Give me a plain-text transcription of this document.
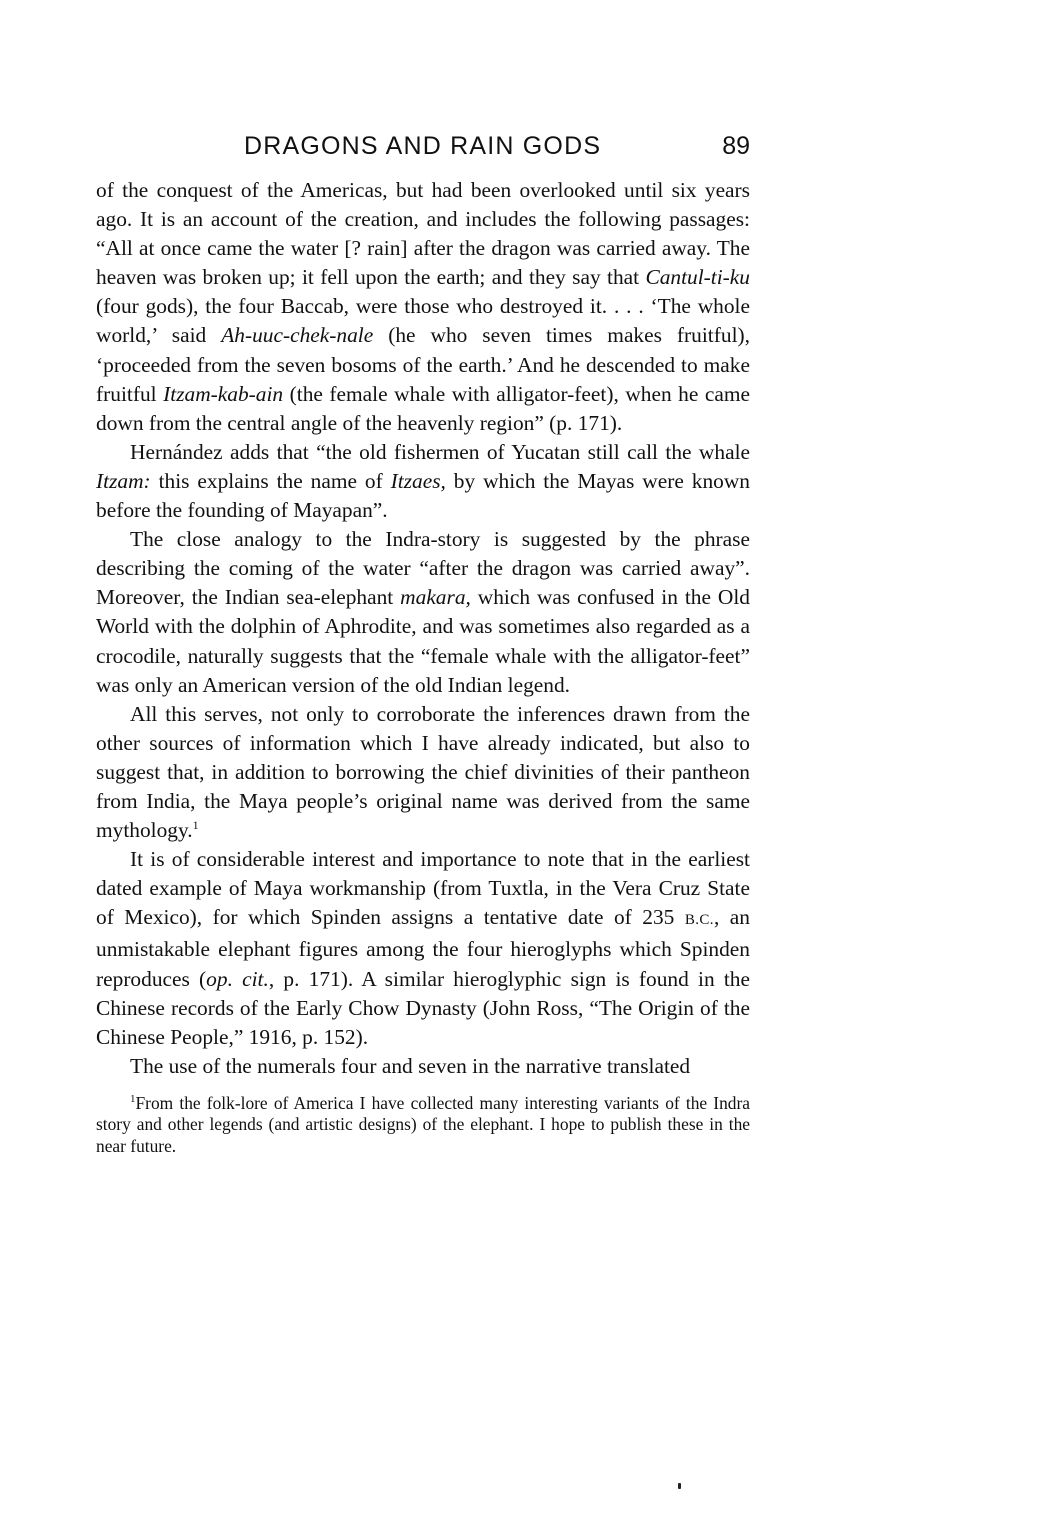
DRAGONS AND RAIN GODS	89

of the conquest of the Americas, but had been overlooked until six years ago. It is an account of the creation, and includes the following passages: “All at once came the water [? rain] after the dragon was carried away. The heaven was broken up; it fell upon the earth; and they say that Cantul-ti-ku (four gods), the four Baccab, were those who destroyed it. . . . ‘The whole world,’ said Ah-uuc-chek-nale (he who seven times makes fruitful), ‘proceeded from the seven bosoms of the earth.’ And he descended to make fruitful Itzam-kab-ain (the female whale with alligator-feet), when he came down from the central angle of the heavenly region” (p. 171).

Hernández adds that “the old fishermen of Yucatan still call the whale Itzam: this explains the name of Itzaes, by which the Mayas were known before the founding of Mayapan”.

The close analogy to the Indra-story is suggested by the phrase describing the coming of the water “after the dragon was carried away”. Moreover, the Indian sea-elephant makara, which was confused in the Old World with the dolphin of Aphrodite, and was sometimes also regarded as a crocodile, naturally suggests that the “female whale with the alligator-feet” was only an American version of the old Indian legend.

All this serves, not only to corroborate the inferences drawn from the other sources of information which I have already indicated, but also to suggest that, in addition to borrowing the chief divinities of their pantheon from India, the Maya people’s original name was derived from the same mythology.$^1$

It is of considerable interest and importance to note that in the earliest dated example of Maya workmanship (from Tuxtla, in the Vera Cruz State of Mexico), for which Spinden assigns a tentative date of 235 B.C., an unmistakable elephant figures among the four hieroglyphs which Spinden reproduces (op. cit., p. 171). A similar hieroglyphic sign is found in the Chinese records of the Early Chow Dynasty (John Ross, “The Origin of the Chinese People,” 1916, p. 152).

The use of the numerals four and seven in the narrative translated

$^1$From the folk-lore of America I have collected many interesting variants of the Indra story and other legends (and artistic designs) of the elephant. I hope to publish these in the near future.
